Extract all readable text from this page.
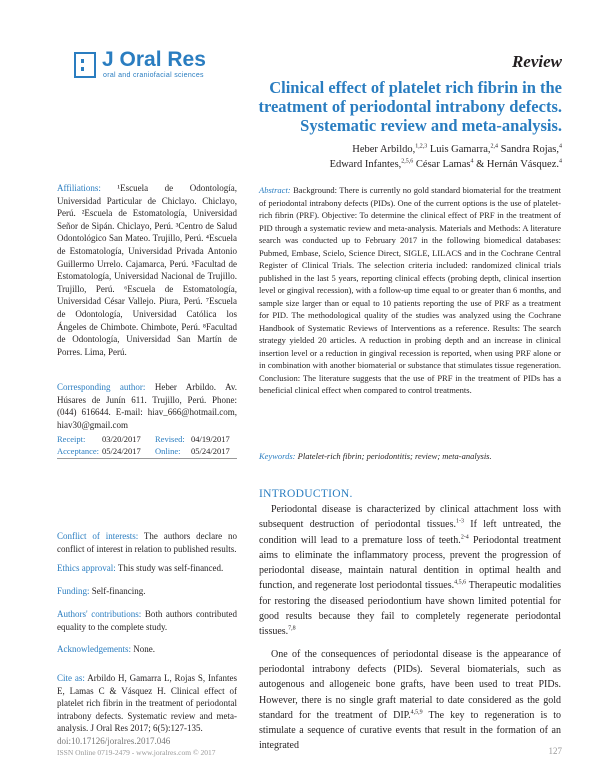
J Oral Res
oral and craniofacial sciences
Review
Clinical effect of platelet rich fibrin in the treatment of periodontal intrabony defects. Systematic review and meta-analysis.
Heber Arbildo,$^{1,2,3}$ Luis Gamarra,$^{2,4}$ Sandra Rojas,$^4$
Edward Infantes,$^{2,5,6}$ César Lamas$^4$ & Hernán Vásquez.$^4$
Affiliations: ¹Escuela de Odontología, Universidad Particular de Chiclayo. Chiclayo, Perú. ²Escuela de Estomatología, Universidad Señor de Sipán. Chiclayo, Perú. ³Centro de Salud Odontológico San Mateo. Trujillo, Perú. ⁴Escuela de Estomatología, Universidad Privada Antonio Guillermo Urrelo. Cajamarca, Perú. ⁵Facultad de Estomatología, Universidad Nacional de Trujillo. Trujillo, Perú. ⁶Escuela de Estomatología, Universidad César Vallejo. Piura, Perú. ⁷Escuela de Odontología, Universidad Católica los Ángeles de Chimbote. Chimbote, Perú. ⁸Facultad de Odontología, Universidad San Martín de Porres. Lima, Perú.
Corresponding author: Heber Arbildo. Av. Húsares de Junín 611. Trujillo, Perú. Phone: (044) 616644. E-mail: hiav_666@hotmail.com, hiav30@gmail.com
Receipt:	03/20/2017	Revised: 04/19/2017
Acceptance: 05/24/2017	Online:	05/24/2017
Conflict of interests: The authors declare no conflict of interest in relation to published results.
Ethics approval: This study was self-financed.
Funding: Self-financing.
Authors' contributions: Both authors contributed equality to the complete study.
Acknowledgements: None.
Cite as: Arbildo H, Gamarra L, Rojas S, Infantes E, Lamas C & Vásquez H. Clinical effect of platelet rich fibrin in the treatment of periodontal intrabony defects. Systematic review and meta-analysis. J Oral Res 2017; 6(5):127-135.
doi:10.17126/joralres.2017.046
Abstract: Background: There is currently no gold standard biomaterial for the treatment of periodontal intrabony defects (PIDs). One of the current options is the use of platelet-rich fibrin (PRF). Objective: To determine the clinical effect of PRF in the treatment of PID through a systematic review and meta-analysis. Materials and Methods: A literature search was conducted up to February 2017 in the following biomedical databases: Pubmed, Embase, Scielo, Science Direct, SIGLE, LILACS and in the Cochrane Central Register of Clinical Trials. The selection criteria included: randomized clinical trials published in the last 5 years, reporting clinical effects (probing depth, clinical insertion level or gingival recession), with a follow-up time equal to or greater than 6 months, and sample size larger than or equal to 10 patients reporting the use of PRF as a treatment for PID. The methodological quality of the studies was analyzed using the Cochrane Handbook of Systematic Reviews of Interventions as a reference. Results: The search strategy yielded 20 articles. A reduction in probing depth and an increase in clinical insertion level or a reduction in gingival recession is reported, when using PRF alone or in combination with another biomaterial or substance that stimulates tissue regeneration. Conclusion: The literature suggests that the use of PRF in the treatment of PIDs has a beneficial clinical effect when compared to control treatments.
Keywords: Platelet-rich fibrin; periodontitis; review; meta-analysis.
INTRODUCTION.

Periodontal disease is characterized by clinical attachment loss with subsequent destruction of periodontal tissues.$^{1-3}$ If left untreated, the condition will lead to a premature loss of teeth.$^{2-4}$ Periodontal treatment aims to eliminate the inflammatory process, prevent the progression of periodontal disease, maintain natural dentition in optimal health and function, and regenerate lost periodontal tissues.$^{4,5,6}$ Therapeutic modalities for restoring the diseased periodontium have shown limited potential for good results because they fail to completely regenerate periodontal tissues.$^{7,8}$

One of the consequences of periodontal disease is the appearance of periodontal intrabony defects (PIDs). Several biomaterials, such as autogenous and allogeneic bone grafts, have been used to treat PIDs. However, there is no single graft material to date considered as the gold standard for the treatment of DIP.$^{4,5,9}$ The key to regeneration is to stimulate a sequence of curative events that result in the formation of an integrated

ISSN Online 0719-2479 - www.joralres.com © 2017	127
